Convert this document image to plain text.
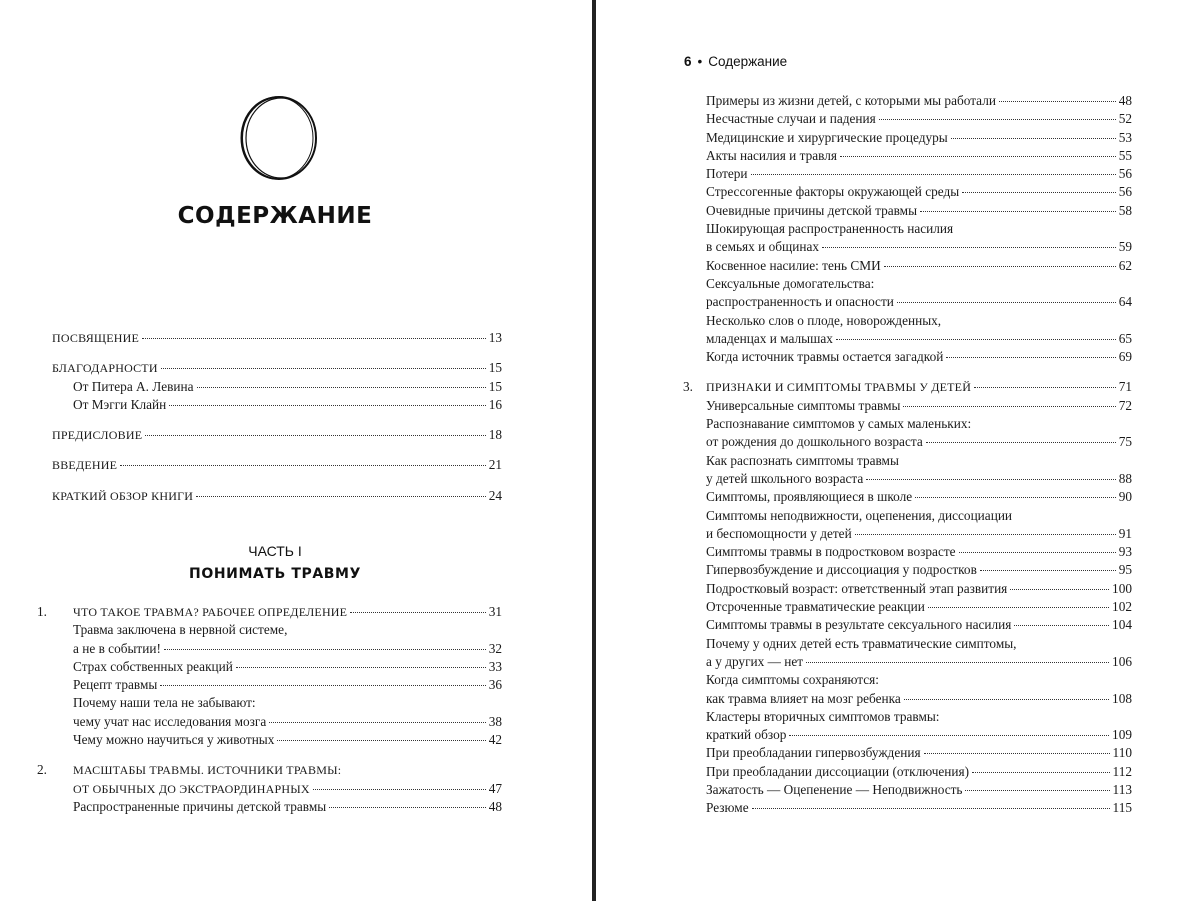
СОДЕРЖАНИЕ
ПОСВЯЩЕНИЕ	13
БЛАГОДАРНОСТИ	15
От Питера А. Левина	15
От Мэгги Клайн	16
ПРЕДИСЛОВИЕ	18
ВВЕДЕНИЕ	21
КРАТКИЙ ОБЗОР КНИГИ	24
ЧАСТЬ I
ПОНИМАТЬ ТРАВМУ
1. ЧТО ТАКОЕ ТРАВМА? РАБОЧЕЕ ОПРЕДЕЛЕНИЕ	31
Травма заключена в нервной системе,
а не в событии!	32
Страх собственных реакций	33
Рецепт травмы	36
Почему наши тела не забывают:
чему учат нас исследования мозга	38
Чему можно научиться у животных	42
2. МАСШТАБЫ ТРАВМЫ. ИСТОЧНИКИ ТРАВМЫ:
ОТ ОБЫЧНЫХ ДО ЭКСТРАОРДИНАРНЫХ	47
Распространенные причины детской травмы	48
6 • Содержание
Примеры из жизни детей, с которыми мы работали	48
Несчастные случаи и падения	52
Медицинские и хирургические процедуры	53
Акты насилия и травля	55
Потери	56
Стрессогенные факторы окружающей среды	56
Очевидные причины детской травмы	58
Шокирующая распространенность насилия
в семьях и общинах	59
Косвенное насилие: тень СМИ	62
Сексуальные домогательства:
распространенность и опасности	64
Несколько слов о плоде, новорожденных,
младенцах и малышах	65
Когда источник травмы остается загадкой	69
3. ПРИЗНАКИ И СИМПТОМЫ ТРАВМЫ У ДЕТЕЙ	71
Универсальные симптомы травмы	72
Распознавание симптомов у самых маленьких:
от рождения до дошкольного возраста	75
Как распознать симптомы травмы
у детей школьного возраста	88
Симптомы, проявляющиеся в школе	90
Симптомы неподвижности, оцепенения, диссоциации
и беспомощности у детей	91
Симптомы травмы в подростковом возрасте	93
Гипервозбуждение и диссоциация у подростков	95
Подростковый возраст: ответственный этап развития	100
Отсроченные травматические реакции	102
Симптомы травмы в результате сексуального насилия	104
Почему у одних детей есть травматические симптомы,
а у других — нет	106
Когда симптомы сохраняются:
как травма влияет на мозг ребенка	108
Кластеры вторичных симптомов травмы:
краткий обзор	109
При преобладании гипервозбуждения	110
При преобладании диссоциации (отключения)	112
Зажатость — Оцепенение — Неподвижность	113
Резюме	115
